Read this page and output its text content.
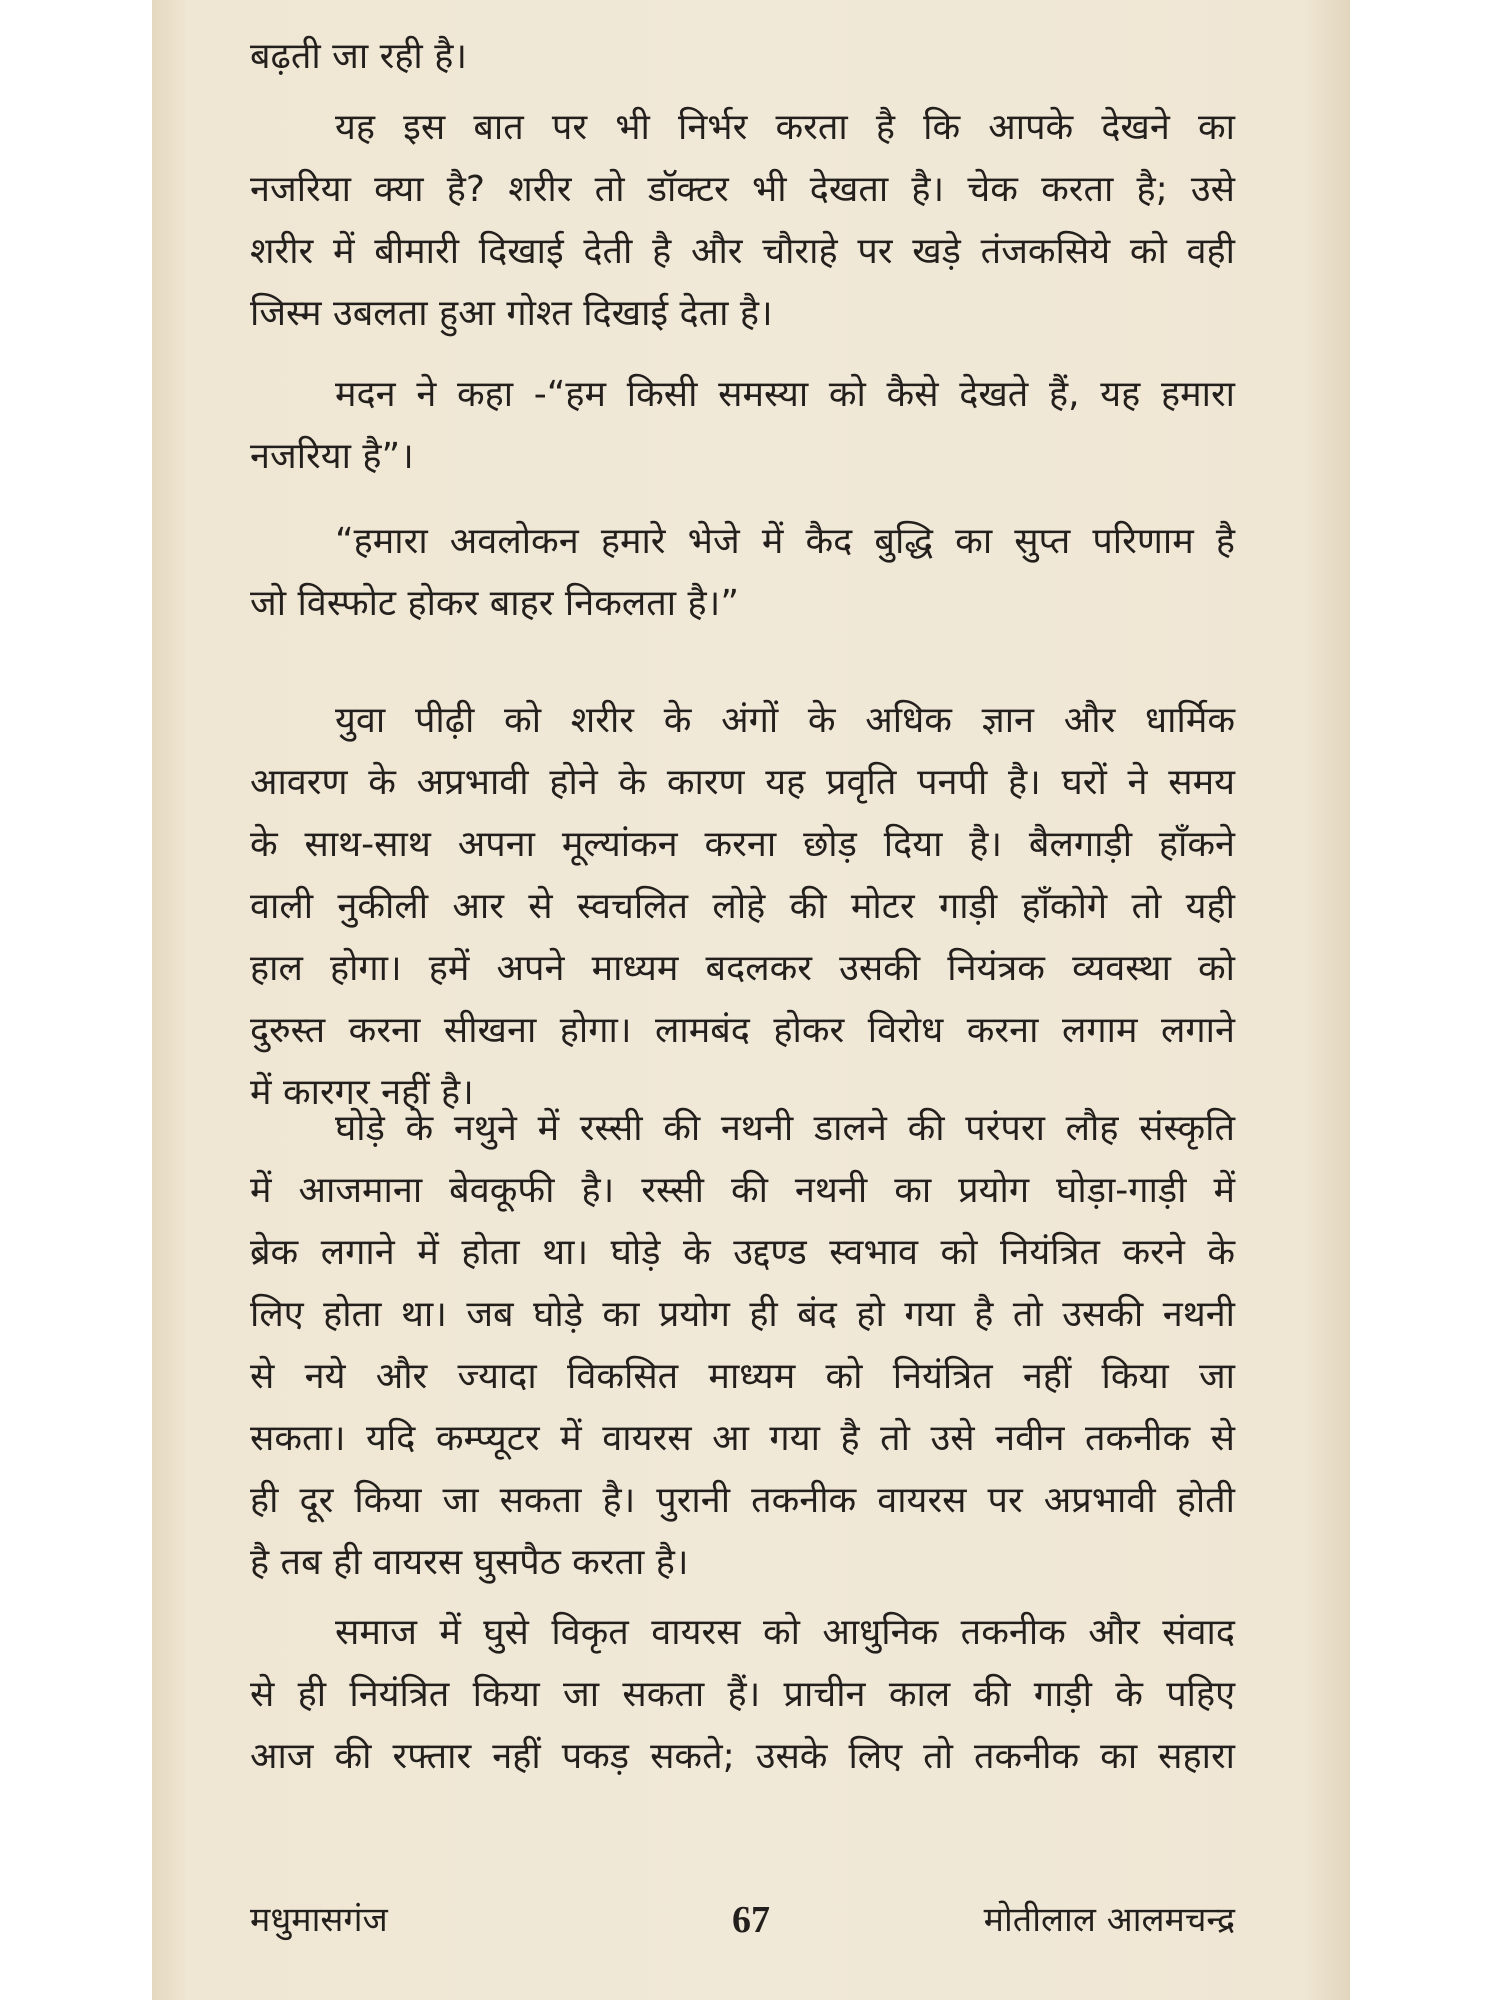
बढ़ती जा रही है।
यह इस बात पर भी निर्भर करता है कि आपके देखने का
नजरिया क्या है? शरीर तो डॉक्टर भी देखता है। चेक करता है; उसे
शरीर में बीमारी दिखाई देती है और चौराहे पर खड़े तंजकसिये को वही
जिस्म उबलता हुआ गोश्त दिखाई देता है।
मदन ने कहा -“हम किसी समस्या को कैसे देखते हैं, यह हमारा
नजरिया है”।
“हमारा अवलोकन हमारे भेजे में कैद बुद्धि का सुप्त परिणाम है
जो विस्फोट होकर बाहर निकलता है।”
युवा पीढ़ी को शरीर के अंगों के अधिक ज्ञान और धार्मिक
आवरण के अप्रभावी होने के कारण यह प्रवृति पनपी है। घरों ने समय
के साथ-साथ अपना मूल्यांकन करना छोड़ दिया है। बैलगाड़ी हाँकने
वाली नुकीली आर से स्वचलित लोहे की मोटर गाड़ी हाँकोगे तो यही
हाल होगा। हमें अपने माध्यम बदलकर उसकी नियंत्रक व्यवस्था को
दुरुस्त करना सीखना होगा। लामबंद होकर विरोध करना लगाम लगाने
में कारगर नहीं है।
घोड़े के नथुने में रस्सी की नथनी डालने की परंपरा लौह संस्कृति
में आजमाना बेवकूफी है। रस्सी की नथनी का प्रयोग घोड़ा-गाड़ी में
ब्रेक लगाने में होता था। घोड़े के उद्दण्ड स्वभाव को नियंत्रित करने के
लिए होता था। जब घोड़े का प्रयोग ही बंद हो गया है तो उसकी नथनी
से नये और ज्यादा विकसित माध्यम को नियंत्रित नहीं किया जा
सकता। यदि कम्प्यूटर में वायरस आ गया है तो उसे नवीन तकनीक से
ही दूर किया जा सकता है। पुरानी तकनीक वायरस पर अप्रभावी होती
है तब ही वायरस घुसपैठ करता है।
समाज में घुसे विकृत वायरस को आधुनिक तकनीक और संवाद
से ही नियंत्रित किया जा सकता हैं। प्राचीन काल की गाड़ी के पहिए
आज की रफ्तार नहीं पकड़ सकते; उसके लिए तो तकनीक का सहारा
मधुमासगंज	67	मोतीलाल आलमचन्द्र
